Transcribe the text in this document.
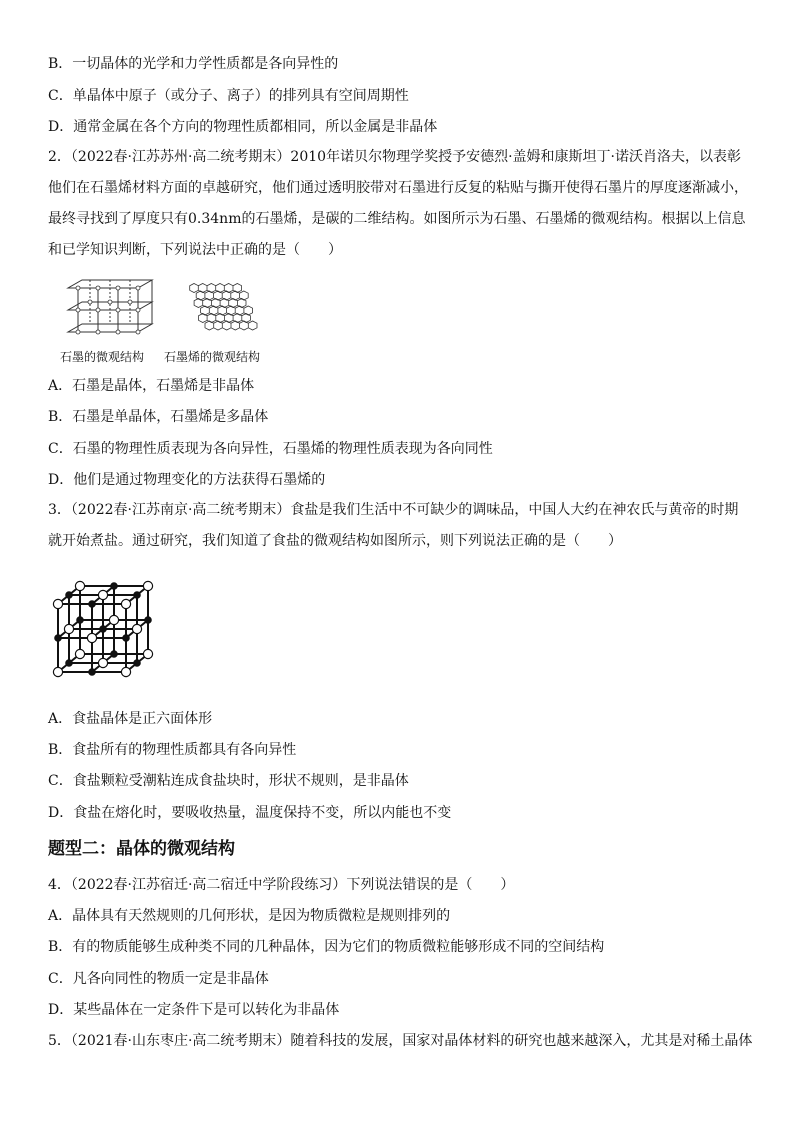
B．一切晶体的光学和力学性质都是各向异性的
C．单晶体中原子（或分子、离子）的排列具有空间周期性
D．通常金属在各个方向的物理性质都相同，所以金属是非晶体
2．（2022春·江苏苏州·高二统考期末）2010年诺贝尔物理学奖授予安德烈·盖姆和康斯坦丁·诺沃肖洛夫，以表彰他们在石墨烯材料方面的卓越研究，他们通过透明胶带对石墨进行反复的粘贴与撕开使得石墨片的厚度逐渐减小，最终寻找到了厚度只有0.34nm的石墨烯，是碳的二维结构。如图所示为石墨、石墨烯的微观结构。根据以上信息和已学知识判断，下列说法中正确的是（　　）
石墨的微观结构 石墨烯的微观结构
A．石墨是晶体，石墨烯是非晶体
B．石墨是单晶体，石墨烯是多晶体
C．石墨的物理性质表现为各向异性，石墨烯的物理性质表现为各向同性
D．他们是通过物理变化的方法获得石墨烯的
3．（2022春·江苏南京·高二统考期末）食盐是我们生活中不可缺少的调味品，中国人大约在神农氏与黄帝的时期就开始煮盐。通过研究，我们知道了食盐的微观结构如图所示，则下列说法正确的是（　　）
A．食盐晶体是正六面体形
B．食盐所有的物理性质都具有各向异性
C．食盐颗粒受潮粘连成食盐块时，形状不规则，是非晶体
D．食盐在熔化时，要吸收热量，温度保持不变，所以内能也不变
题型二：晶体的微观结构
4．（2022春·江苏宿迁·高二宿迁中学阶段练习）下列说法错误的是（　　）
A．晶体具有天然规则的几何形状，是因为物质微粒是规则排列的
B．有的物质能够生成种类不同的几种晶体，因为它们的物质微粒能够形成不同的空间结构
C．凡各向同性的物质一定是非晶体
D．某些晶体在一定条件下是可以转化为非晶体
5．（2021春·山东枣庄·高二统考期末）随着科技的发展，国家对晶体材料的研究也越来越深入，尤其是对稀土晶体
